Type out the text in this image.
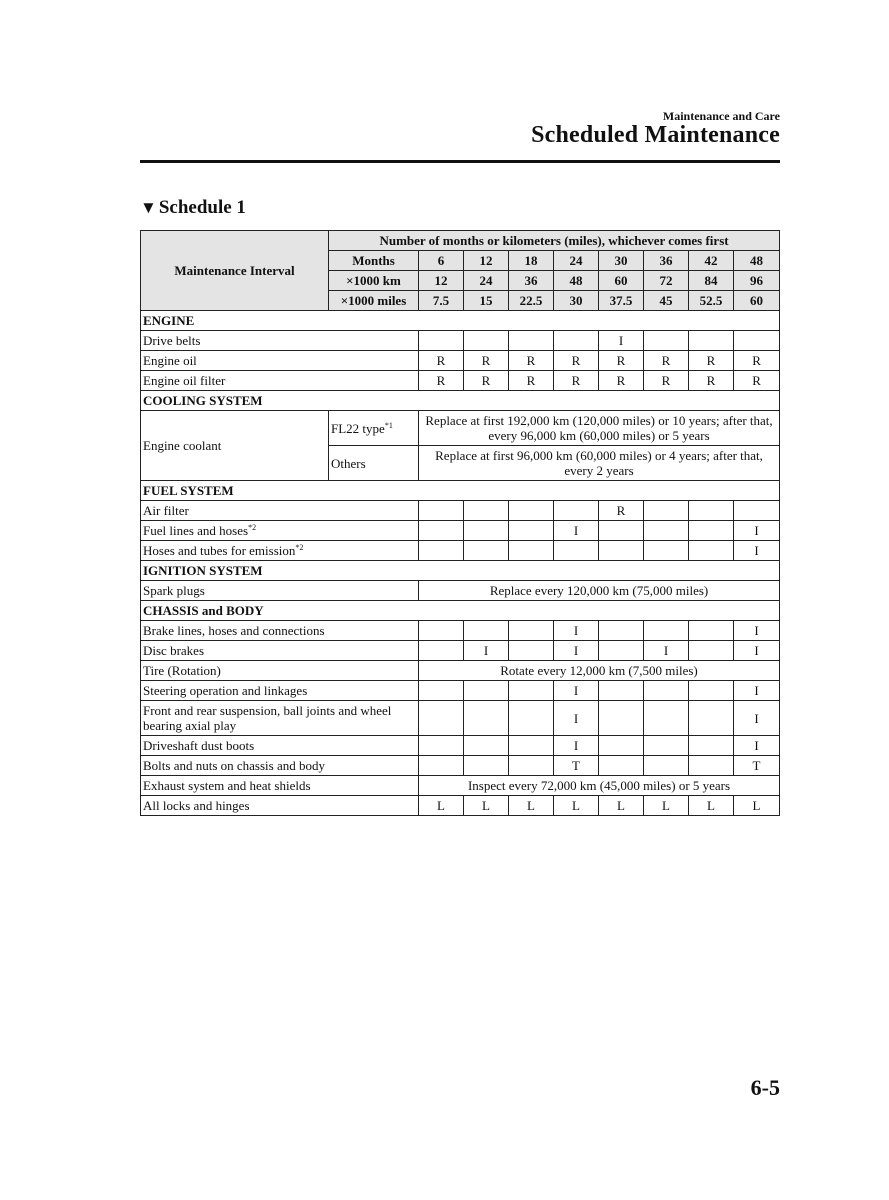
Maintenance and Care
Scheduled Maintenance
▼ Schedule 1
Maintenance Interval	Number of months or kilometers (miles), whichever comes first								
	Months	6	12	18	24	30	36	42	48
	×1000 km	12	24	36	48	60	72	84	96
	×1000 miles	7.5	15	22.5	30	37.5	45	52.5	60
ENGINE									
Drive belts						I			
Engine oil		R	R	R	R	R	R	R	R
Engine oil filter		R	R	R	R	R	R	R	R
COOLING SYSTEM									
Engine coolant	FL22 type$^{*1}$	Replace at first 192,000 km (120,000 miles) or 10 years; after that, every 96,000 km (60,000 miles) or 5 years							
	Others	Replace at first 96,000 km (60,000 miles) or 4 years; after that, every 2 years							
FUEL SYSTEM									
Air filter						R			
Fuel lines and hoses$^{*2}$					I				I
Hoses and tubes for emission$^{*2}$									I
IGNITION SYSTEM									
Spark plugs		Replace every 120,000 km (75,000 miles)							
CHASSIS and BODY									
Brake lines, hoses and connections					I				I
Disc brakes			I		I		I		I
Tire (Rotation)		Rotate every 12,000 km (7,500 miles)							
Steering operation and linkages					I				I
Front and rear suspension, ball joints and wheel
bearing axial play					I				I
Driveshaft dust boots					I				I
Bolts and nuts on chassis and body					T				T
Exhaust system and heat shields		Inspect every 72,000 km (45,000 miles) or 5 years							
All locks and hinges		L	L	L	L	L	L	L	L
6-5
